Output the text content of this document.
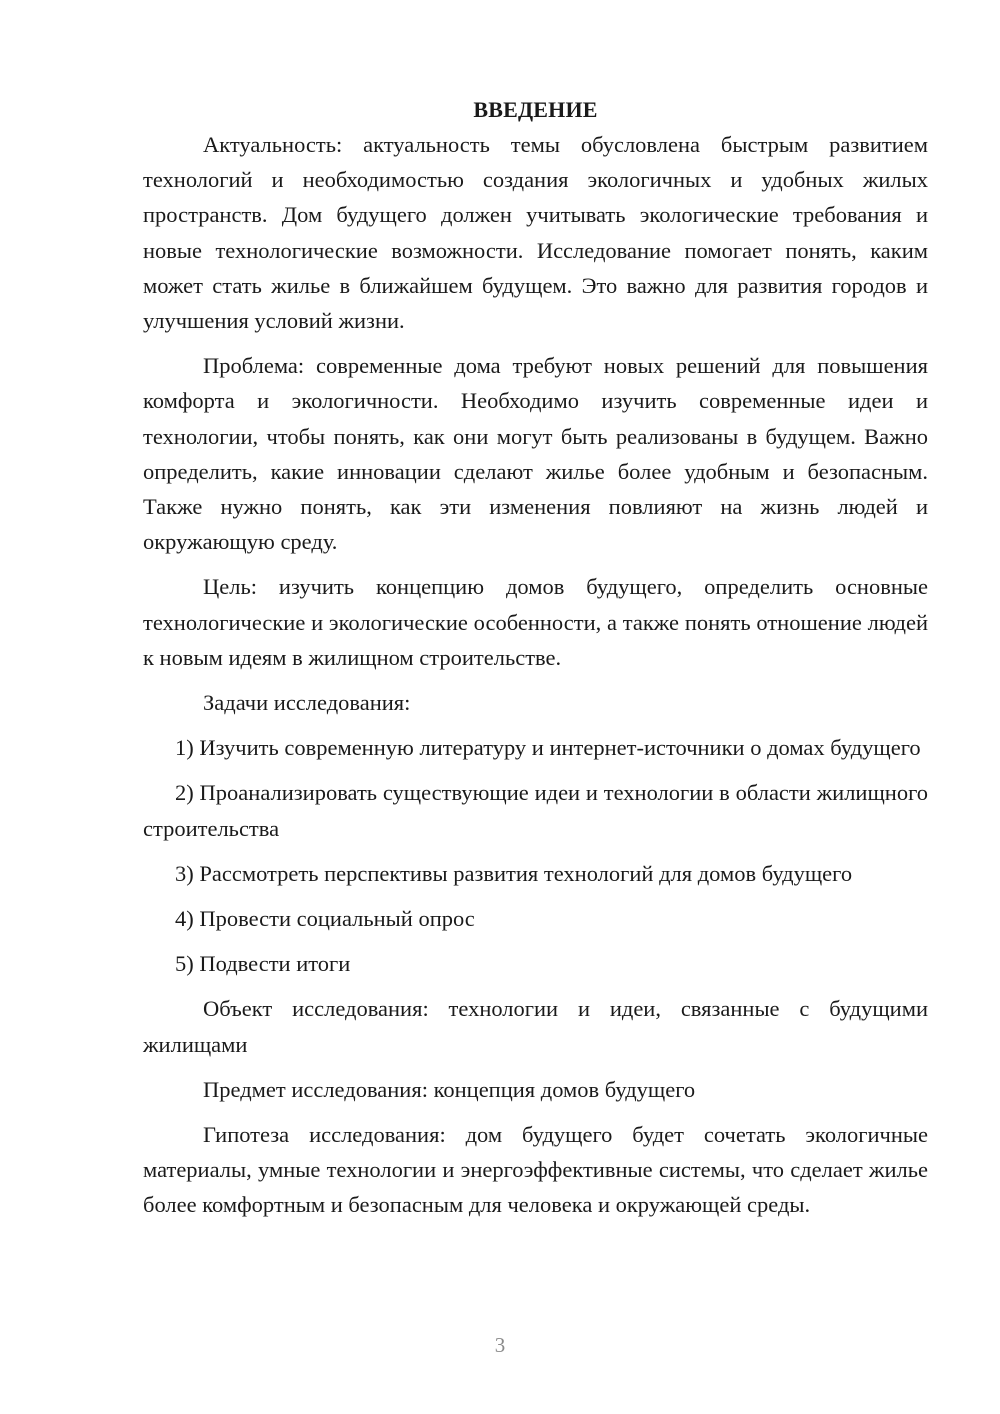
ВВЕДЕНИЕ

Актуальность: актуальность темы обусловлена быстрым развитием технологий и необходимостью создания экологичных и удобных жилых пространств. Дом будущего должен учитывать экологические требования и новые технологические возможности. Исследование помогает понять, каким может стать жилье в ближайшем будущем. Это важно для развития городов и улучшения условий жизни.

Проблема: современные дома требуют новых решений для повышения комфорта и экологичности. Необходимо изучить современные идеи и технологии, чтобы понять, как они могут быть реализованы в будущем. Важно определить, какие инновации сделают жилье более удобным и безопасным. Также нужно понять, как эти изменения повлияют на жизнь людей и окружающую среду.

Цель: изучить концепцию домов будущего, определить основные технологические и экологические особенности, а также понять отношение людей к новым идеям в жилищном строительстве.

Задачи исследования:

1) Изучить современную литературу и интернет-источники о домах будущего

2) Проанализировать существующие идеи и технологии в области жилищного строительства

3) Рассмотреть перспективы развития технологий для домов будущего

4) Провести социальный опрос

5) Подвести итоги

Объект исследования: технологии и идеи, связанные с будущими жилищами

Предмет исследования: концепция домов будущего

Гипотеза исследования: дом будущего будет сочетать экологичные материалы, умные технологии и энергоэффективные системы, что сделает жилье более комфортным и безопасным для человека и окружающей среды.

3
